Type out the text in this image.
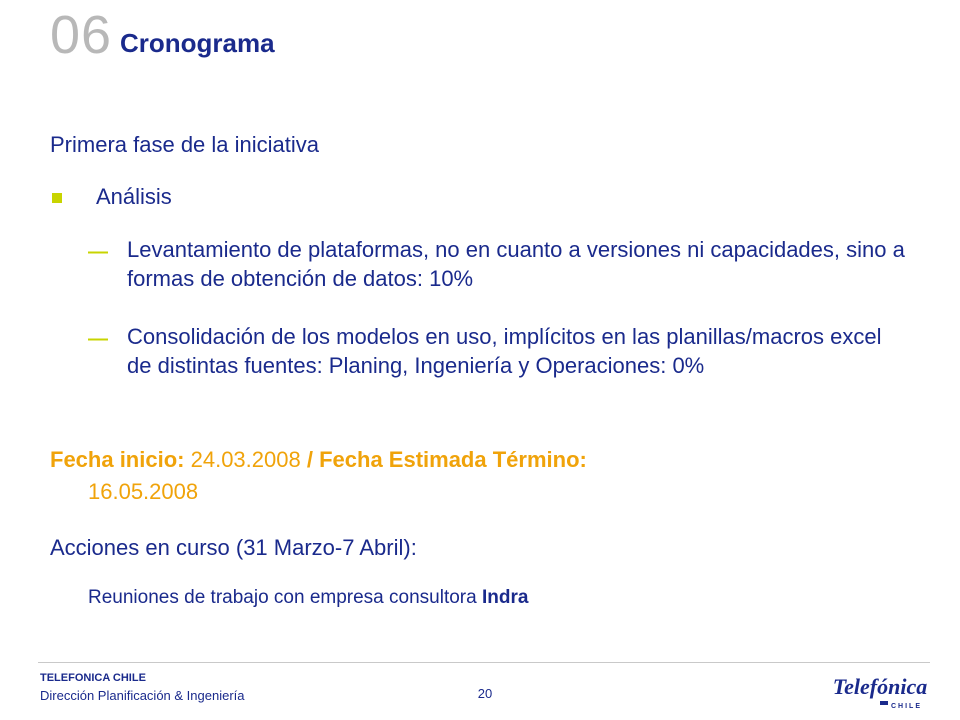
06 Cronograma
Primera fase de la iniciativa
Análisis
— Levantamiento de plataformas, no en cuanto a versiones ni capacidades, sino a formas de obtención de datos: 10%
— Consolidación de los modelos en uso, implícitos en las planillas/macros excel de distintas fuentes: Planing, Ingeniería y Operaciones: 0%
Fecha inicio: 24.03.2008 / Fecha Estimada Término:
16.05.2008
Acciones en curso (31 Marzo-7 Abril):
Reuniones de trabajo con empresa consultora Indra
TELEFONICA CHILE
Dirección Planificación & Ingeniería	20	Telefónica
CHILE
